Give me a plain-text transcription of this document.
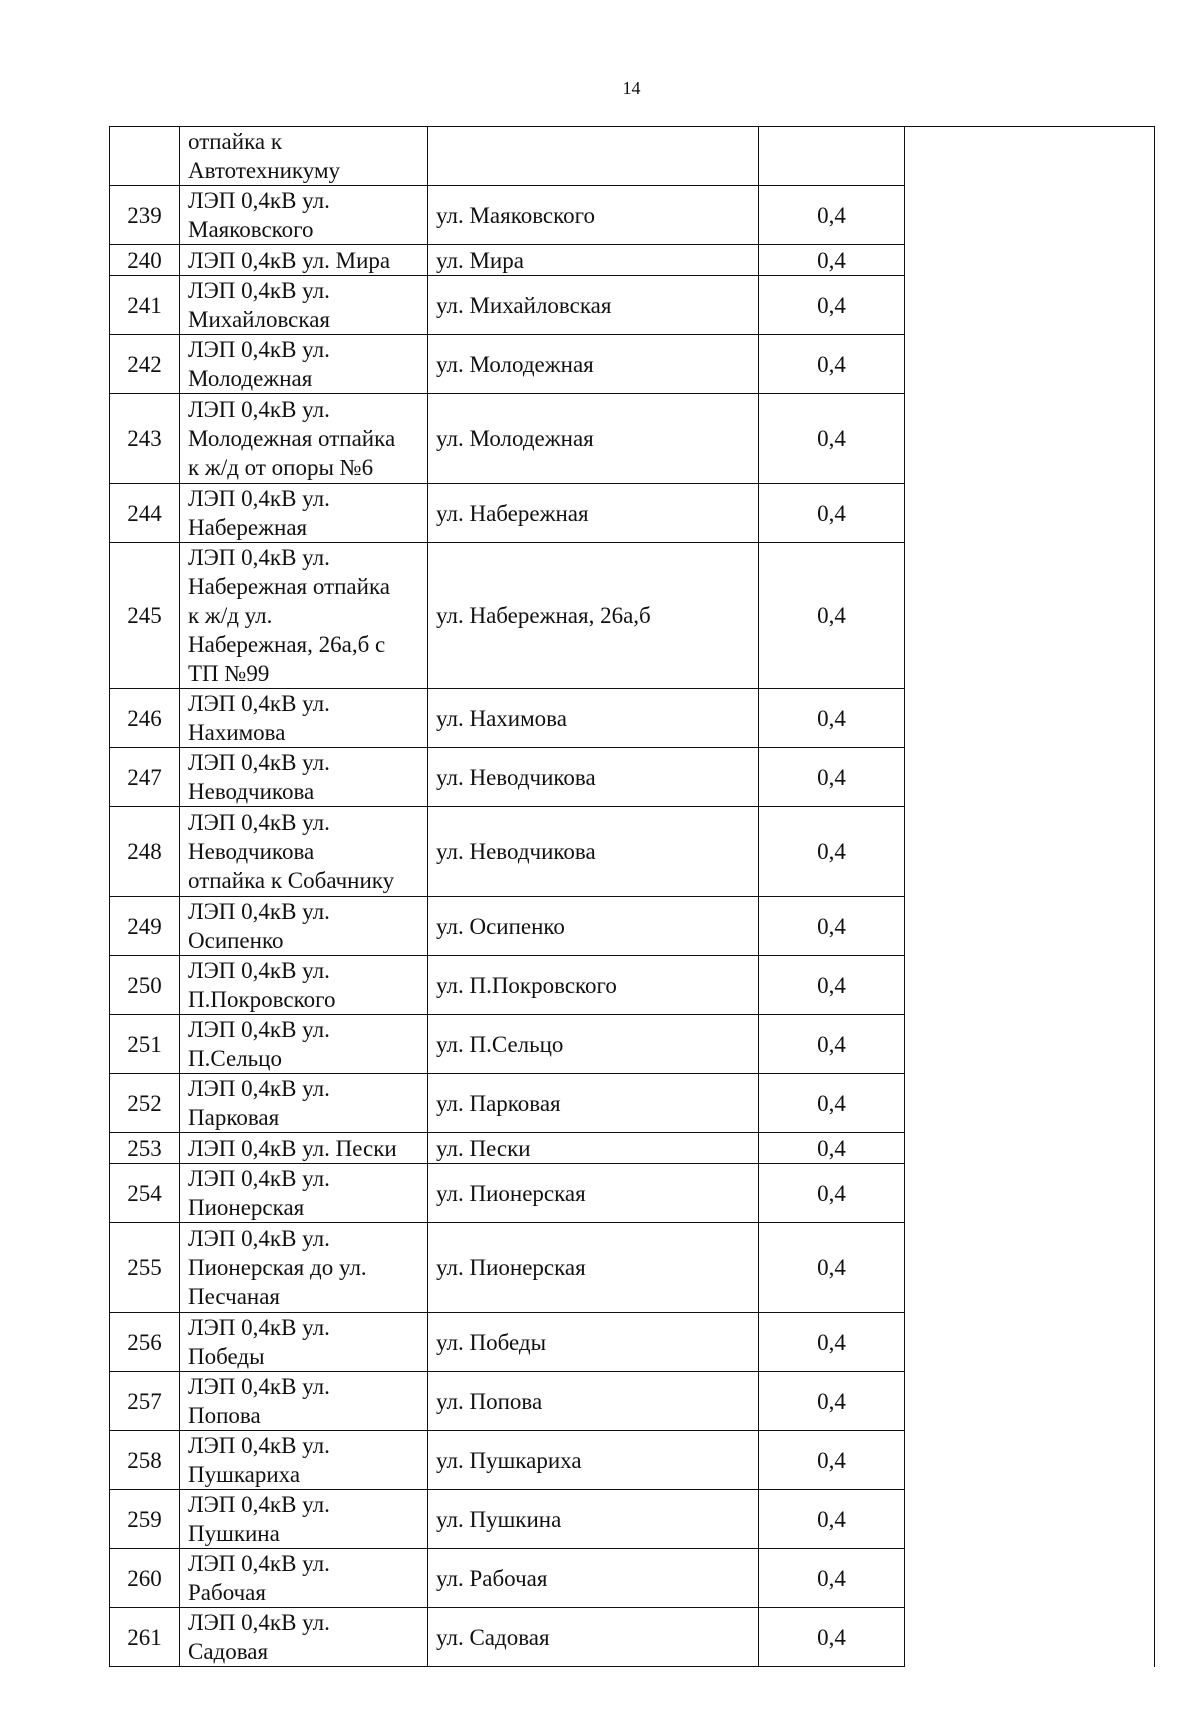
14

	отпайка к
Автотехникуму			

239	ЛЭП 0,4кВ ул.
Маяковского	ул. Маяковского	0,4	
240	ЛЭП 0,4кВ ул. Мира	ул. Мира	0,4	
241	ЛЭП 0,4кВ ул.
Михайловская	ул. Михайловская	0,4	
242	ЛЭП 0,4кВ ул.
Молодежная	ул. Молодежная	0,4	
243	ЛЭП 0,4кВ ул.
Молодежная отпайка
к ж/д от опоры №6	ул. Молодежная	0,4	
244	ЛЭП 0,4кВ ул.
Набережная	ул. Набережная	0,4	
245	ЛЭП 0,4кВ ул.
Набережная отпайка
к ж/д ул.
Набережная, 26а,б с
ТП №99	ул. Набережная, 26а,б	0,4	
246	ЛЭП 0,4кВ ул.
Нахимова	ул. Нахимова	0,4	
247	ЛЭП 0,4кВ ул.
Неводчикова	ул. Неводчикова	0,4	
248	ЛЭП 0,4кВ ул.
Неводчикова
отпайка к Собачнику	ул. Неводчикова	0,4	
249	ЛЭП 0,4кВ ул.
Осипенко	ул. Осипенко	0,4	
250	ЛЭП 0,4кВ ул.
П.Покровского	ул. П.Покровского	0,4	
251	ЛЭП 0,4кВ ул.
П.Сельцо	ул. П.Сельцо	0,4	
252	ЛЭП 0,4кВ ул.
Парковая	ул. Парковая	0,4	
253	ЛЭП 0,4кВ ул. Пески	ул. Пески	0,4	
254	ЛЭП 0,4кВ ул.
Пионерская	ул. Пионерская	0,4	
255	ЛЭП 0,4кВ ул.
Пионерская до ул.
Песчаная	ул. Пионерская	0,4	
256	ЛЭП 0,4кВ ул.
Победы	ул. Победы	0,4	
257	ЛЭП 0,4кВ ул.
Попова	ул. Попова	0,4	
258	ЛЭП 0,4кВ ул.
Пушкариха	ул. Пушкариха	0,4	
259	ЛЭП 0,4кВ ул.
Пушкина	ул. Пушкина	0,4	
260	ЛЭП 0,4кВ ул.
Рабочая	ул. Рабочая	0,4	
261	ЛЭП 0,4кВ ул.
Садовая	ул. Садовая	0,4	
